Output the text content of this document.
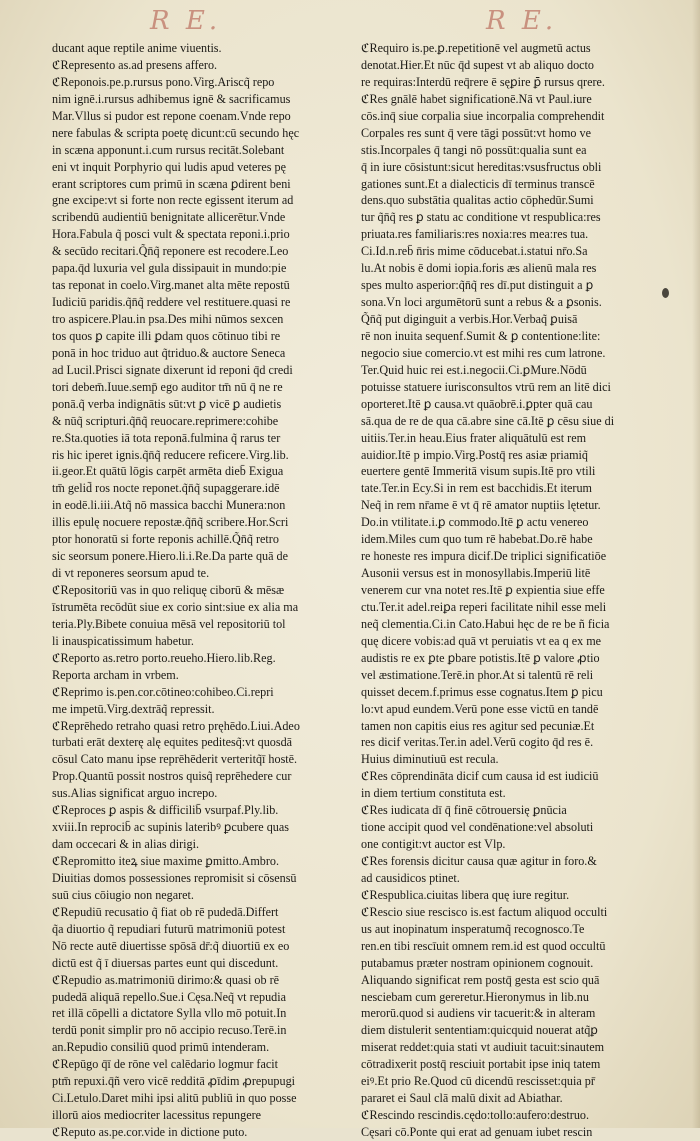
R E.	R E.
ducant aque reptile anime viuentis.
ℭRepresento as.ad presens affero.
ℭReponois.pe.p.rursus pono.Virg.Ariscq̃ repo
nim ignē.i.rursus adhibemus ignē & sacrificamus
Mar.Vllus si pudor est repone coenam.Vnde repo
nere fabulas & scripta poetę dicunt:cū secundo hęc
in scæna apponunt.i.cum rursus recitāt.Solebant
eni vt inquit Porphyrio qui ludis apud veteres pę
erant scriptores cum primū in scæna ꝑdirent beni
gne excipe:vt si forte non recte egissent iterum ad
scribendū audientiū benignitate allicerētur.Vnde
Hora.Fabula q̃ posci vult & spectata reponi.i.prio
& secūdo recitari.Q̃n̄q̃ reponere est recodere.Leo
papa.q̄d luxuria vel gula dissipauit in mundo:pie
tas reponat in coelo.Virg.manet alta mēte repostū
Iudiciū paridis.q̃n̄q̃ reddere vel restituere.quasi re
tro aspicere.Plau.in psa.Des mihi nūmos sexcen
tos quos ꝑ capite illi ꝑdam quos cōtinuo tibi re
ponā in hoc triduo aut q̃triduo.& auctore Seneca
ad Lucil.Prisci signate dixerunt id reponi q̄d credi
tori debem̄.Iuue.semp̄ ego auditor tm̄ nū q̄ ne re
ponā.q̃ verba indignātis sūt:vt ꝑ vicē ꝑ audietis
& nūq̃ scripturi.q̃n̄q̃ reuocare.reprimere:cohibe
re.Sta.quoties iā tota reponā.fulmina q̃ rarus ter
ris hic iperet ignis.q̃n̄q̃ reducere reficere.Virg.lib.
ii.geor.Et quātū lōgis carpēt armēta dieb̄ Exigua
tm̄ gelid̄ ros nocte reponet.q̃n̄q̃ supaggerare.idē
in eodē.li.iii.Atq̃ nō massica bacchi Munera:non
illis epulę nocuere repostæ.q̃n̄q̃ scribere.Hor.Scri
ptor honoratū si forte reponis achillē.Q̃n̄q̃ retro
sic seorsum ponere.Hiero.li.i.Re.Da parte quā de
di vt reponeres seorsum apud te.
ℭRepositoriū vas in quo reliquę ciborū & mēsæ
īstrumēta recōdūt siue ex corio sint:siue ex alia ma
teria.Ply.Bibete conuiua mēsā vel repositoriū tol
li inauspicatissimum habetur.
ℭReporto as.retro porto.reueho.Hiero.lib.Reg.
Reporta archam in vrbem.
ℭReprimo is.pen.cor.cōtineo:cohibeo.Ci.repri
me impetū.Virg.dextrāq̃ repressit.
ℭReprēhedo retraho quasi retro pręhēdo.Liui.Adeo
turbati erāt dexterę alę equites peditesq̃:vt quosdā
cōsul Cato manu ipse reprēhēderit verteritq̃ī hostē.
Prop.Quantū possit nostros quisq̃ reprēhedere cur
sus.Alias significat arguo increpo.
ℭReproces ꝑ aspis & difficilib̄ vsurpaf.Ply.lib.
xviii.In reprocib̄ ac supinis lateribꝰ ꝑcubere quas
dam occecari & in alias dirigi.
ℭRepromitto iteꝝ siue maxime ꝑmitto.Ambro.
Diuitias domos possessiones repromisit si cōsensū
suū cius cōiugio non negaret.
ℭRepudiū recusatio q̃ fiat ob rē pudedā.Differt
q̃a diuortio q̃ repudiari futurū matrimoniū potest
Nō recte autē diuertisse spōsā dr̄:q̃ diuortiū ex eo
dictū est q̃ ī diuersas partes eunt qui discedunt.
ℭRepudio as.matrimoniū dirimo:& quasi ob rē
pudedā aliquā repello.Sue.i Cęsa.Neq̃ vt repudia
ret illā cōpelli a dictatore Sylla vllo mō potuit.In
terdū ponit simplir pro nō accipio recuso.Terē.in
an.Repudio consiliū quod primū intenderam.
ℭRepūgo q̄ī de rōne vel calēdario logmur facit
ptm̄ repuxi.q̄ñ vero vicē redditā ꝓīdim ꝓrepupugi
Ci.Letulo.Daret mihi ipsi alitū publiū in quo posse
illorū aios mediocriter lacessitus repungere
ℭReputo as.pe.cor.vide in dictione puto.
ℭRequiro is.pe.ꝑ.repetitionē vel augmetū actus
denotat.Hier.Et nūc q̄d supest vt ab aliquo docto
re requiras:Interdū req̄rere ē sęꝑire ꝑ̄ rursus qrere.
ℭRes gnālē habet significationē.Nā vt Paul.iure
cōs.inq̄ siue corpalia siue incorpalia comprehendit
Corpales res sunt q̄ vere tāgi possūt:vt homo ve
stis.Incorpales q̄ tangi nō possūt:qualia sunt ea
q̄ in iure cōsistunt:sicut hereditas:vsusfructus obli
gationes sunt.Et a dialecticis dī terminus transcē
dens.quo substātia qualitas actio cōphedūr.Sumi
tur q̃n̄q̃ res ꝑ statu ac conditione vt respublica:res
priuata.res familiaris:res noxia:res mea:res tua.
Ci.Id.n.reb̄ n̄ris mime cōducebat.i.statui nr̄o.Sa
lu.At nobis ē domi iopia.foris æs alienū mala res
spes multo asperior:q̃n̄q̃ res dī.put distinguit a ꝑ
sona.Vn loci argumētorū sunt a rebus & a ꝑsonis.
Q̃n̄q̃ put diginguit a verbis.Hor.Verbaq̃ ꝑuisā
rē non inuita sequenf.Sumit & ꝑ contentione:lite:
negocio siue comercio.vt est mihi res cum latrone.
Ter.Quid huic rei est.i.negocii.Ci.ꝑMure.Nōdū
potuisse statuere iurisconsultos vtrū rem an litē dici
oporteret.Itē ꝑ causa.vt quāobrē.i.ꝑpter quā cau
sā.qua de re de qua cā.abre sine cā.Itē ꝑ cēsu siue di
uitiis.Ter.in heau.Eius frater aliquātulū est rem
auidior.Itē p impio.Virg.Postq̄ res asiæ priamiq̃
euertere gentē Immeritā visum supis.Itē pro vtili
tate.Ter.in Ecy.Si in rem est bacchidis.Et iterum
Neq̃ in rem nr̄ame ē vt q̄ rē amator nuptiis lętetur.
Do.in vtilitate.i.ꝑ commodo.Itē ꝑ actu venereo
idem.Miles cum quo tum rē habebat.Do.rē habe
re honeste res impura dicif.De triplici significatiōe
Ausonii versus est in monosyllabis.Imperiū litē
venerem cur vna notet res.Itē ꝑ expientia siue effe
ctu.Ter.it adel.reiꝑa reperi facilitate nihil esse meli
neq̃ clementia.Ci.in Cato.Habui hęc de re be ñ ficia
quę dicere vobis:ad quā vt peruiatis vt ea q ex me
audistis re ex ꝑte ꝑbare potistis.Itē ꝑ valore ꝓtio
vel æstimatione.Terē.in phor.At si talentū rē reli
quisset decem.f.primus esse cognatus.Item ꝑ picu
lo:vt apud eundem.Verū pone esse victū en tandē
tamen non capitis eius res agitur sed pecuniæ.Et
res dicif veritas.Ter.in adel.Verū cogito q̄d res ē.
Huius diminutiuū est recula.
ℭRes cōprendināta dicif cum causa id est iudiciū
in diem tertium constituta est.
ℭRes iudicata dī q̄ finē cōtrouersię ꝑnūcia
tione accipit quod vel condēnatione:vel absoluti
one contigit:vt auctor est Vlp.
ℭRes forensis dicitur causa quæ agitur in foro.&
ad causidicos ptinet.
ℭRespublica.ciuitas libera quę iure regitur.
ℭRescio siue rescisco is.est factum aliquod occulti
us aut inopinatum insperatumq̃ recognosco.Te
ren.en tibi rescīuit omnem rem.id est quod occultū
putabamus præter nostram opinionem cognouit.
Aliquando significat rem postq̄ gesta est scio quā
nesciebam cum gereretur.Hieronymus in lib.nu
merorū.quod si audiens vir tacuerit:& in alteram
diem distulerit sententiam:quicquid nouerat atq̃ꝑ
miserat reddet:quia stati vt audiuit tacuit:sinautem
cōtradixerit postq̄ resciuit portabit ipse iniq tatem
eiꝰ.Et prio Re.Quod cū dicendū rescisset:quia pr̄
pararet ei Saul clā malū dixit ad Abiathar.
ℭRescindo rescindis.cędo:tollo:aufero:destruo.
Cęsari cō.Ponte qui erat ad genuam iubet rescin
